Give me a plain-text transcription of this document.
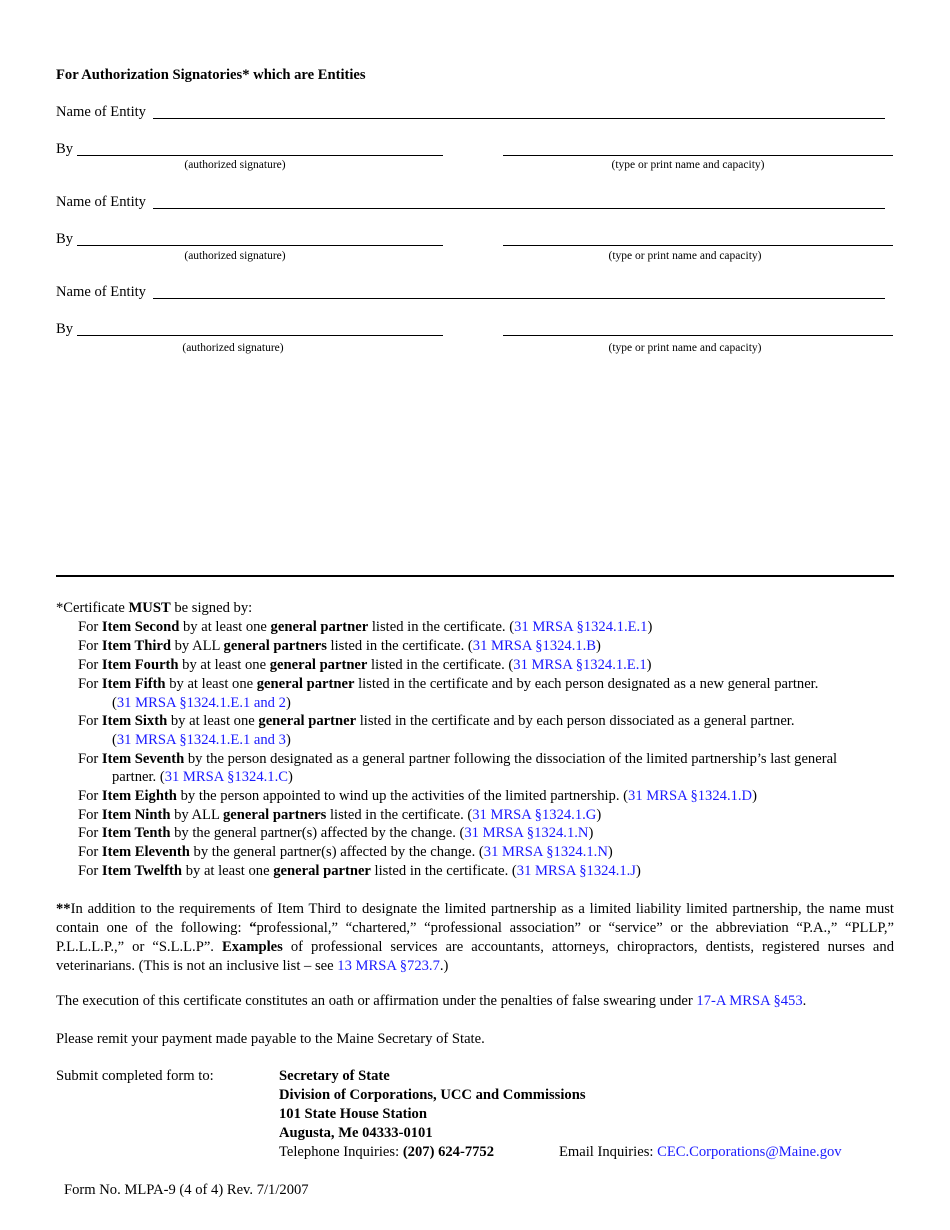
For Authorization Signatories* which are Entities
Name of Entity
By
(authorized signature)	(type or print name and capacity)
Name of Entity
By
(authorized signature)	(type or print name and capacity)
Name of Entity
By
(authorized signature)	(type or print name and capacity)
*Certificate MUST be signed by:
For Item Second by at least one general partner listed in the certificate. (31 MRSA §1324.1.E.1)
For Item Third by ALL general partners listed in the certificate. (31 MRSA §1324.1.B)
For Item Fourth by at least one general partner listed in the certificate. (31 MRSA §1324.1.E.1)
For Item Fifth by at least one general partner listed in the certificate and by each person designated as a new general partner.
(31 MRSA §1324.1.E.1 and 2)
For Item Sixth by at least one general partner listed in the certificate and by each person dissociated as a general partner.
(31 MRSA §1324.1.E.1 and 3)
For Item Seventh by the person designated as a general partner following the dissociation of the limited partnership’s last general
partner. (31 MRSA §1324.1.C)
For Item Eighth by the person appointed to wind up the activities of the limited partnership. (31 MRSA §1324.1.D)
For Item Ninth by ALL general partners listed in the certificate. (31 MRSA §1324.1.G)
For Item Tenth by the general partner(s) affected by the change. (31 MRSA §1324.1.N)
For Item Eleventh by the general partner(s) affected by the change. (31 MRSA §1324.1.N)
For Item Twelfth by at least one general partner listed in the certificate. (31 MRSA §1324.1.J)
**In addition to the requirements of Item Third to designate the limited partnership as a limited liability limited partnership, the name must contain one of the following: “professional,” “chartered,” “professional association” or “service” or the abbreviation “P.A.,” “PLLP,” P.L.L.L.P.,” or “S.L.L.P”. Examples of professional services are accountants, attorneys, chiropractors, dentists, registered nurses and veterinarians. (This is not an inclusive list – see 13 MRSA §723.7.)
The execution of this certificate constitutes an oath or affirmation under the penalties of false swearing under 17-A MRSA §453.
Please remit your payment made payable to the Maine Secretary of State.
Submit completed form to:	Secretary of State
Division of Corporations, UCC and Commissions
101 State House Station
Augusta, Me 04333-0101
Telephone Inquiries: (207) 624-7752	Email Inquiries: CEC.Corporations@Maine.gov
Form No. MLPA-9 (4 of 4) Rev. 7/1/2007
